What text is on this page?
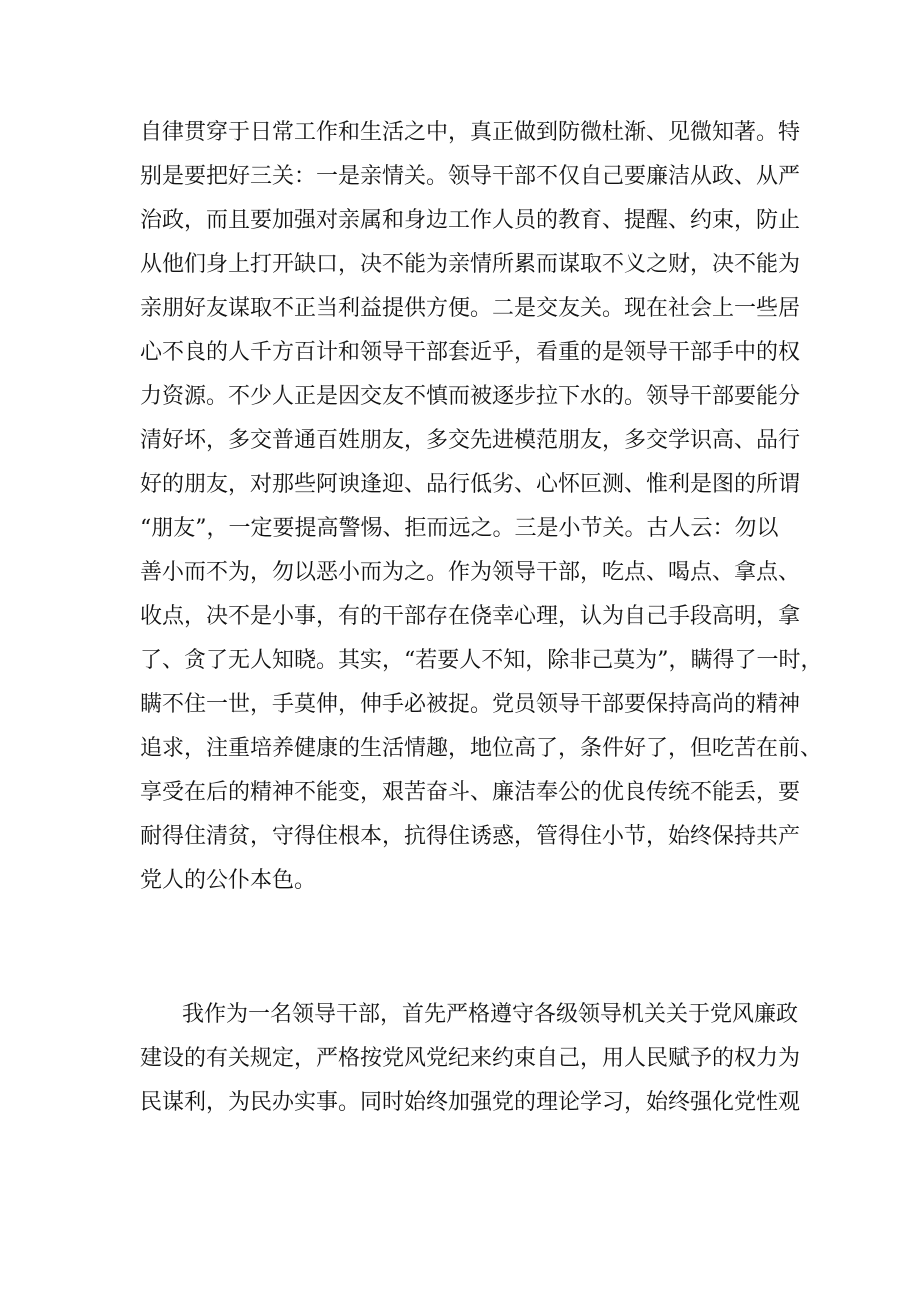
自律贯穿于日常工作和生活之中，真正做到防微杜渐、见微知著。特

别是要把好三关：一是亲情关。领导干部不仅自己要廉洁从政、从严

治政，而且要加强对亲属和身边工作人员的教育、提醒、约束，防止

从他们身上打开缺口，决不能为亲情所累而谋取不义之财，决不能为

亲朋好友谋取不正当利益提供方便。二是交友关。现在社会上一些居

心不良的人千方百计和领导干部套近乎，看重的是领导干部手中的权

力资源。不少人正是因交友不慎而被逐步拉下水的。领导干部要能分

清好坏，多交普通百姓朋友，多交先进模范朋友，多交学识高、品行

好的朋友，对那些阿谀逢迎、品行低劣、心怀叵测、惟利是图的所谓

“朋友”，一定要提高警惕、拒而远之。三是小节关。古人云：勿以

善小而不为，勿以恶小而为之。作为领导干部，吃点、喝点、拿点、

收点，决不是小事，有的干部存在侥幸心理，认为自己手段高明，拿

了、贪了无人知晓。其实，“若要人不知，除非己莫为”，瞒得了一时，

瞒不住一世，手莫伸，伸手必被捉。党员领导干部要保持高尚的精神

追求，注重培养健康的生活情趣，地位高了，条件好了，但吃苦在前、

享受在后的精神不能变，艰苦奋斗、廉洁奉公的优良传统不能丢，要

耐得住清贫，守得住根本，抗得住诱惑，管得住小节，始终保持共产

党人的公仆本色。

我作为一名领导干部，首先严格遵守各级领导机关关于党风廉政

建设的有关规定，严格按党风党纪来约束自己，用人民赋予的权力为

民谋利，为民办实事。同时始终加强党的理论学习，始终强化党性观
